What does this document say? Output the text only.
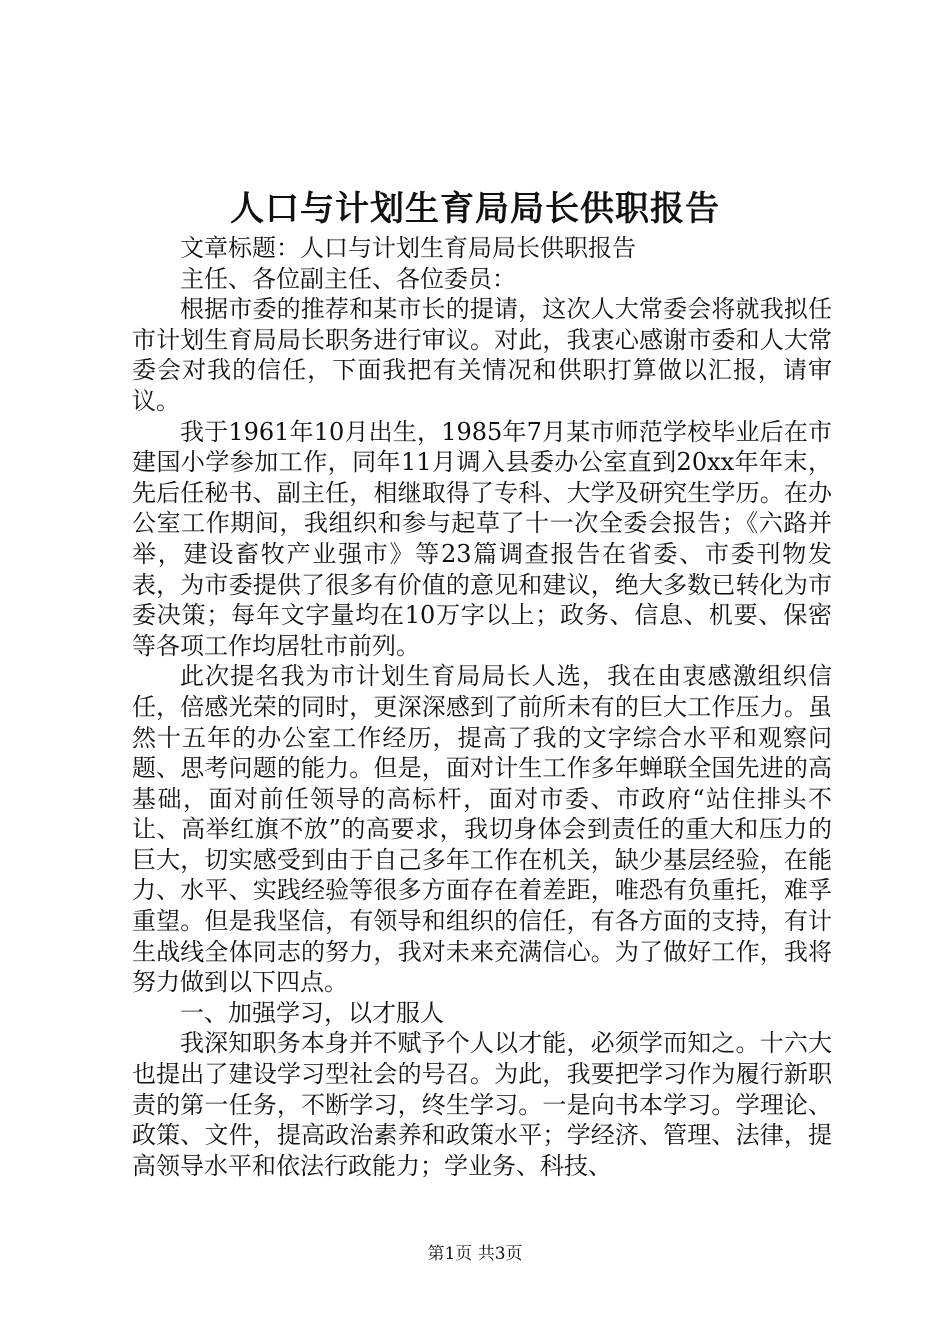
人口与计划生育局局长供职报告

文章标题：人口与计划生育局局长供职报告

主任、各位副主任、各位委员：

根据市委的推荐和某市长的提请，这次人大常委会将就我拟任市计划生育局局长职务进行审议。对此，我衷心感谢市委和人大常委会对我的信任，下面我把有关情况和供职打算做以汇报，请审议。

我于1961年10月出生，1985年7月某市师范学校毕业后在市建国小学参加工作，同年11月调入县委办公室直到20xx年年末，先后任秘书、副主任，相继取得了专科、大学及研究生学历。在办公室工作期间，我组织和参与起草了十一次全委会报告；《六路并举，建设畜牧产业强市》等23篇调查报告在省委、市委刊物发表，为市委提供了很多有价值的意见和建议，绝大多数已转化为市委决策；每年文字量均在10万字以上；政务、信息、机要、保密等各项工作均居牡市前列。

此次提名我为市计划生育局局长人选，我在由衷感激组织信任，倍感光荣的同时，更深深感到了前所未有的巨大工作压力。虽然十五年的办公室工作经历，提高了我的文字综合水平和观察问题、思考问题的能力。但是，面对计生工作多年蝉联全国先进的高基础，面对前任领导的高标杆，面对市委、市政府“站住排头不让、高举红旗不放”的高要求，我切身体会到责任的重大和压力的巨大，切实感受到由于自己多年工作在机关，缺少基层经验，在能力、水平、实践经验等很多方面存在着差距，唯恐有负重托，难孚重望。但是我坚信，有领导和组织的信任，有各方面的支持，有计生战线全体同志的努力，我对未来充满信心。为了做好工作，我将努力做到以下四点。

一、加强学习，以才服人

我深知职务本身并不赋予个人以才能，必须学而知之。十六大也提出了建设学习型社会的号召。为此，我要把学习作为履行新职责的第一任务，不断学习，终生学习。一是向书本学习。学理论、政策、文件，提高政治素养和政策水平；学经济、管理、法律，提高领导水平和依法行政能力；学业务、科技、

第1页 共3页
